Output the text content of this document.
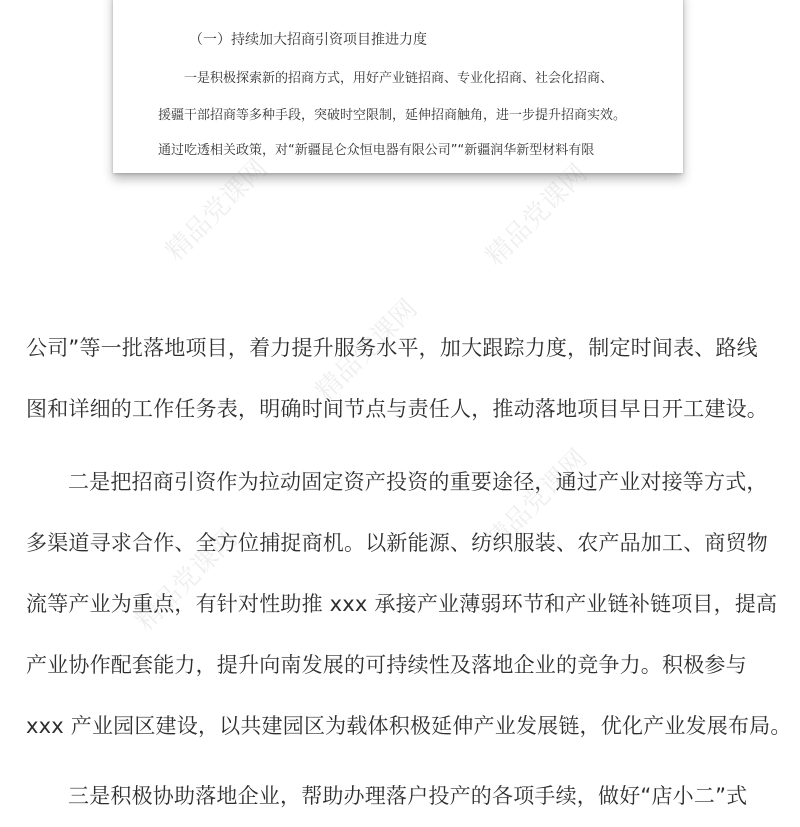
（一）持续加大招商引资项目推进力度
一是积极探索新的招商方式，用好产业链招商、专业化招商、社会化招商、
援疆干部招商等多种手段，突破时空限制，延伸招商触角，进一步提升招商实效。
通过吃透相关政策，对“新疆昆仑众恒电器有限公司”“新疆润华新型材料有限
精品党课网	精品党课网
精品党课网
精品党课网
精品党课网
公司”等一批落地项目，着力提升服务水平，加大跟踪力度，制定时间表、路线
图和详细的工作任务表，明确时间节点与责任人，推动落地项目早日开工建设。
二是把招商引资作为拉动固定资产投资的重要途径，通过产业对接等方式，
多渠道寻求合作、全方位捕捉商机。以新能源、纺织服装、农产品加工、商贸物
流等产业为重点，有针对性助推 xxx 承接产业薄弱环节和产业链补链项目，提高
产业协作配套能力，提升向南发展的可持续性及落地企业的竞争力。积极参与
xxx 产业园区建设，以共建园区为载体积极延伸产业发展链，优化产业发展布局。
三是积极协助落地企业，帮助办理落户投产的各项手续，做好“店小二”式
